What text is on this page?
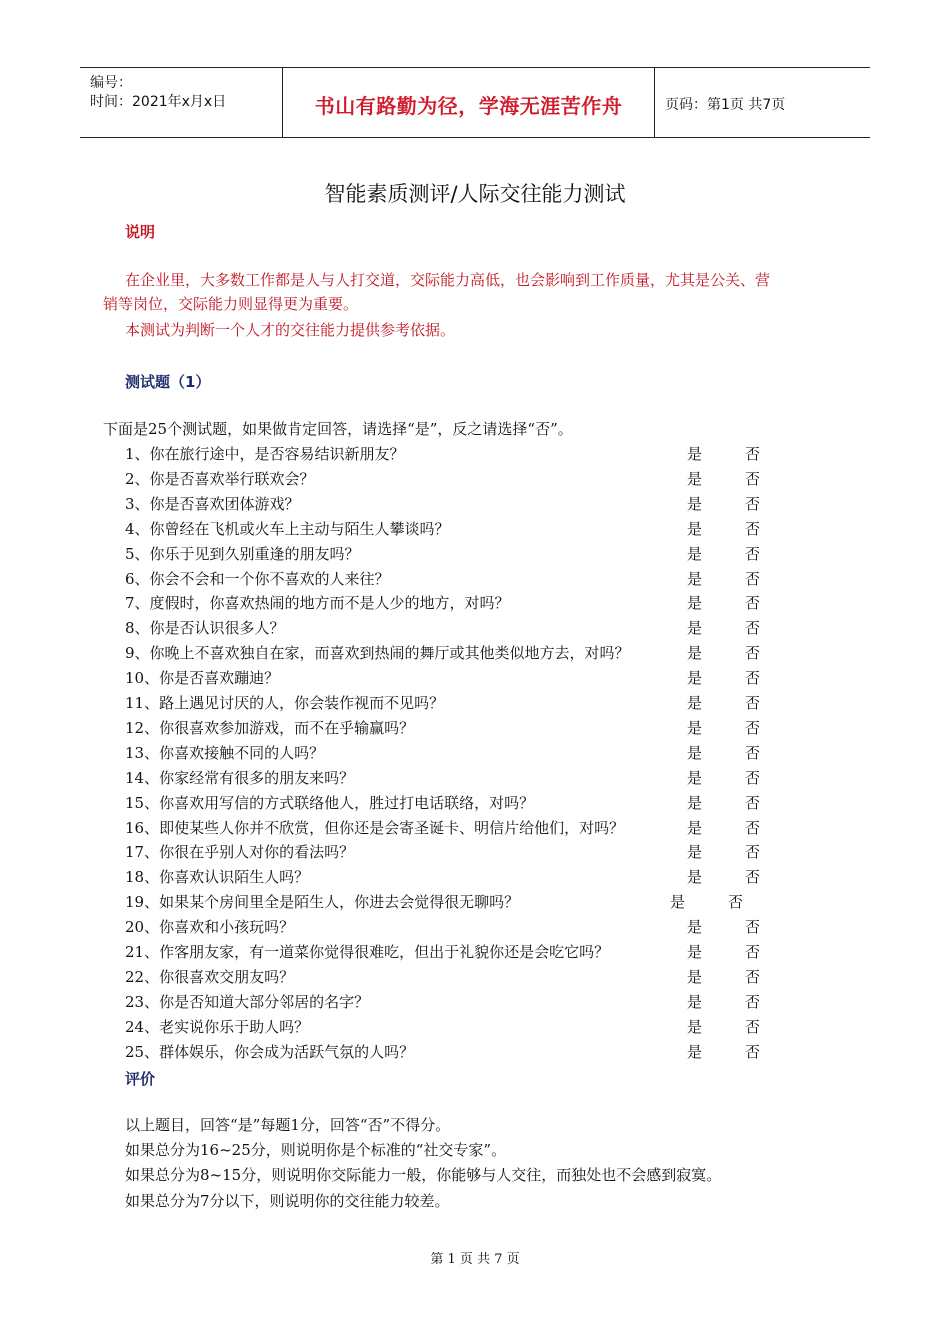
编号：
时间：2021年x月x日	书山有路勤为径，学海无涯苦作舟	页码：第1页 共7页
智能素质测评/人际交往能力测试
说明
在企业里，大多数工作都是人与人打交道，交际能力高低，也会影响到工作质量，尤其是公关、营
销等岗位，交际能力则显得更为重要。
本测试为判断一个人才的交往能力提供参考依据。
测试题（1）
下面是25个测试题，如果做肯定回答，请选择“是”，反之请选择“否”。
1、你在旅行途中，是否容易结识新朋友？	是	否
2、你是否喜欢举行联欢会？	是	否
3、你是否喜欢团体游戏？	是	否
4、你曾经在飞机或火车上主动与陌生人攀谈吗？	是	否
5、你乐于见到久别重逢的朋友吗？	是	否
6、你会不会和一个你不喜欢的人来往？	是	否
7、度假时，你喜欢热闹的地方而不是人少的地方，对吗？	是	否
8、你是否认识很多人？	是	否
9、你晚上不喜欢独自在家，而喜欢到热闹的舞厅或其他类似地方去，对吗？	是	否
10、你是否喜欢蹦迪？	是	否
11、路上遇见讨厌的人，你会装作视而不见吗？	是	否
12、你很喜欢参加游戏，而不在乎输赢吗？	是	否
13、你喜欢接触不同的人吗？	是	否
14、你家经常有很多的朋友来吗？	是	否
15、你喜欢用写信的方式联络他人，胜过打电话联络，对吗？	是	否
16、即使某些人你并不欣赏，但你还是会寄圣诞卡、明信片给他们，对吗？	是	否
17、你很在乎别人对你的看法吗？	是	否
18、你喜欢认识陌生人吗？	是	否
19、如果某个房间里全是陌生人，你进去会觉得很无聊吗？	是	否
20、你喜欢和小孩玩吗？	是	否
21、作客朋友家，有一道菜你觉得很难吃，但出于礼貌你还是会吃它吗？	是	否
22、你很喜欢交朋友吗？	是	否
23、你是否知道大部分邻居的名字？	是	否
24、老实说你乐于助人吗？	是	否
25、群体娱乐，你会成为活跃气氛的人吗？	是	否
评价
以上题目，回答“是”每题1分，回答“否”不得分。
如果总分为16~25分，则说明你是个标准的“社交专家”。
如果总分为8~15分，则说明你交际能力一般，你能够与人交往，而独处也不会感到寂寞。
如果总分为7分以下，则说明你的交往能力较差。
第 1 页 共 7 页
